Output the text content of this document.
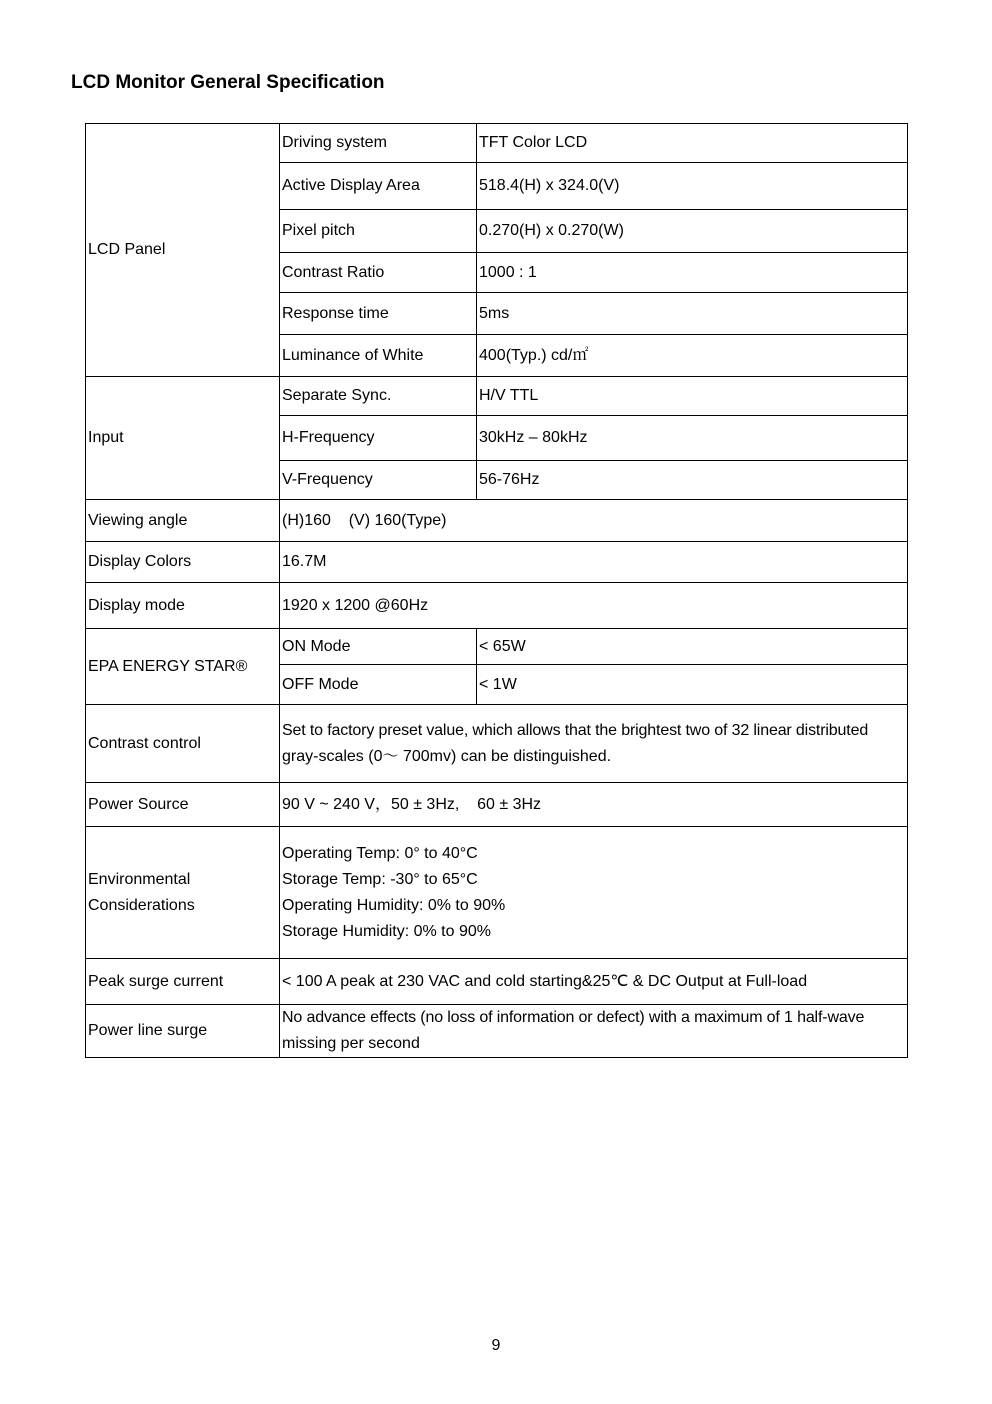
LCD Monitor General Specification
LCD Panel	Driving system	TFT Color LCD
	Active Display Area	518.4(H) x 324.0(V)
	Pixel pitch	0.270(H) x 0.270(W)
	Contrast Ratio	1000 : 1
	Response time	5ms
	Luminance of White	400(Typ.) cd/㎡
Input	Separate Sync.	H/V TTL
	H-Frequency	30kHz – 80kHz
	V-Frequency	56-76Hz
Viewing angle	(H)160    (V) 160(Type)	
Display Colors	16.7M	
Display mode	1920 x 1200 @60Hz	
EPA ENERGY STAR®	ON Mode	< 65W
	OFF Mode	< 1W
Contrast control	Set to factory preset value, which allows that the brightest two of 32 linear distributed
gray-scales (0～ 700mv) can be distinguished.	

Power Source	90 V ~ 240 V，50 ± 3Hz,    60 ± 3Hz	

Environmental
Considerations	Operating Temp: 0° to 40°C
Storage Temp: -30° to 65°C
Operating Humidity: 0% to 90%
Storage Humidity: 0% to 90%	

Peak surge current	< 100 A peak at 230 VAC and cold starting&25℃ & DC Output at Full-load	
Power line surge	No advance effects (no loss of information or defect) with a maximum of 1 half-wave
missing per second	
9
